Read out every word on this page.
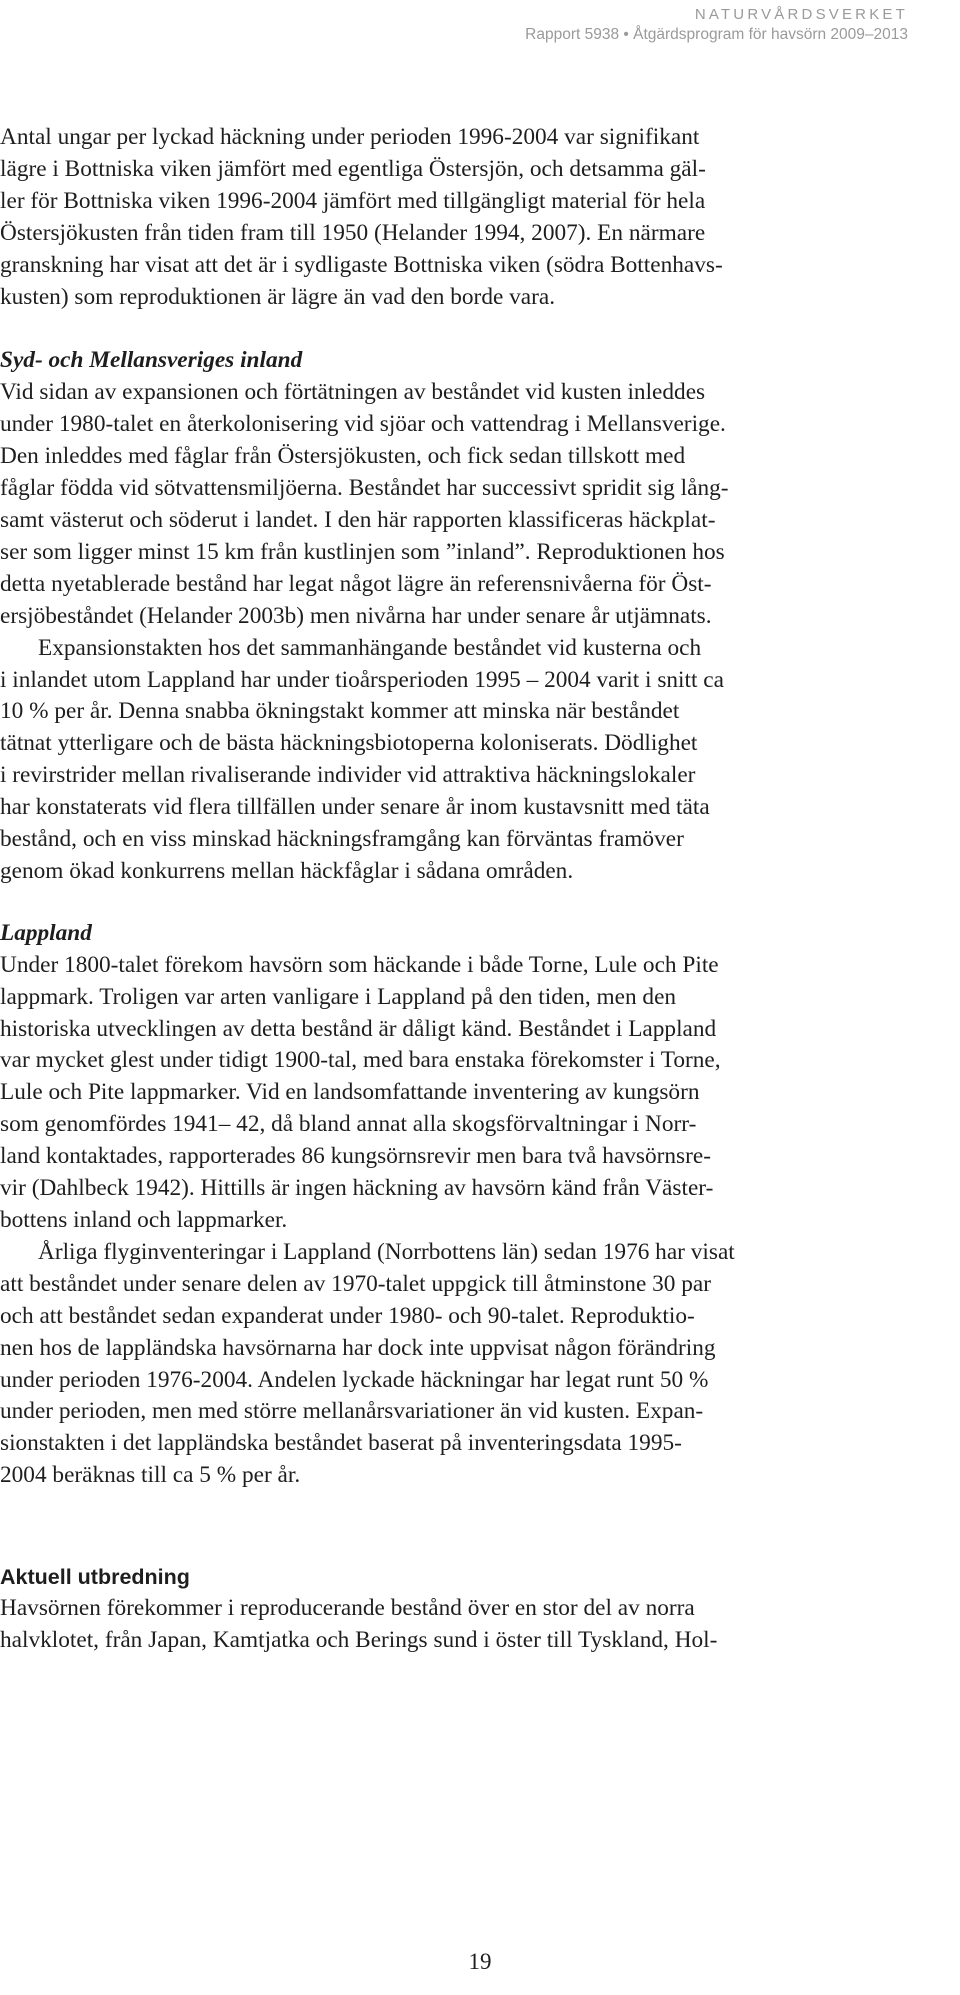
NATURVÅRDSVERKET
Rapport 5938 • Åtgärdsprogram för havsörn 2009–2013

Antal ungar per lyckad häckning under perioden 1996-2004 var signifikant
lägre i Bottniska viken jämfört med egentliga Östersjön, och detsamma gäl-
ler för Bottniska viken 1996-2004 jämfört med tillgängligt material för hela
Östersjökusten från tiden fram till 1950 (Helander 1994, 2007). En närmare
granskning har visat att det är i sydligaste Bottniska viken (södra Bottenhavs-
kusten) som reproduktionen är lägre än vad den borde vara.

Syd- och Mellansveriges inland

Vid sidan av expansionen och förtätningen av beståndet vid kusten inleddes
under 1980-talet en återkolonisering vid sjöar och vattendrag i Mellansverige.
Den inleddes med fåglar från Östersjökusten, och fick sedan tillskott med
fåglar födda vid sötvattensmiljöerna. Beståndet har successivt spridit sig lång-
samt västerut och söderut i landet. I den här rapporten klassificeras häckplat-
ser som ligger minst 15 km från kustlinjen som ”inland”. Reproduktionen hos
detta nyetablerade bestånd har legat något lägre än referensnivåerna för Öst-
ersjöbeståndet (Helander 2003b) men nivårna har under senare år utjämnats.

Expansionstakten hos det sammanhängande beståndet vid kusterna och
i inlandet utom Lappland har under tioårsperioden 1995 – 2004 varit i snitt ca
10 % per år. Denna snabba ökningstakt kommer att minska när beståndet
tätnat ytterligare och de bästa häckningsbiotoperna koloniserats. Dödlighet
i revirstrider mellan rivaliserande individer vid attraktiva häckningslokaler
har konstaterats vid flera tillfällen under senare år inom kustavsnitt med täta
bestånd, och en viss minskad häckningsframgång kan förväntas framöver
genom ökad konkurrens mellan häckfåglar i sådana områden.

Lappland

Under 1800-talet förekom havsörn som häckande i både Torne, Lule och Pite
lappmark. Troligen var arten vanligare i Lappland på den tiden, men den
historiska utvecklingen av detta bestånd är dåligt känd. Beståndet i Lappland
var mycket glest under tidigt 1900-tal, med bara enstaka förekomster i Torne,
Lule och Pite lappmarker. Vid en landsomfattande inventering av kungsörn
som genomfördes 1941– 42, då bland annat alla skogsförvaltningar i Norr-
land kontaktades, rapporterades 86 kungsörnsrevir men bara två havsörnsre-
vir (Dahlbeck 1942). Hittills är ingen häckning av havsörn känd från Väster-
bottens inland och lappmarker.

Årliga flyginventeringar i Lappland (Norrbottens län) sedan 1976 har visat
att beståndet under senare delen av 1970-talet uppgick till åtminstone 30 par
och att beståndet sedan expanderat under 1980- och 90-talet. Reproduktio-
nen hos de lappländska havsörnarna har dock inte uppvisat någon förändring
under perioden 1976-2004. Andelen lyckade häckningar har legat runt 50 %
under perioden, men med större mellanårsvariationer än vid kusten. Expan-
sionstakten i det lappländska beståndet baserat på inventeringsdata 1995-
2004 beräknas till ca 5 % per år.

Aktuell utbredning

Havsörnen förekommer i reproducerande bestånd över en stor del av norra
halvklotet, från Japan, Kamtjatka och Berings sund i öster till Tyskland, Hol-

19
